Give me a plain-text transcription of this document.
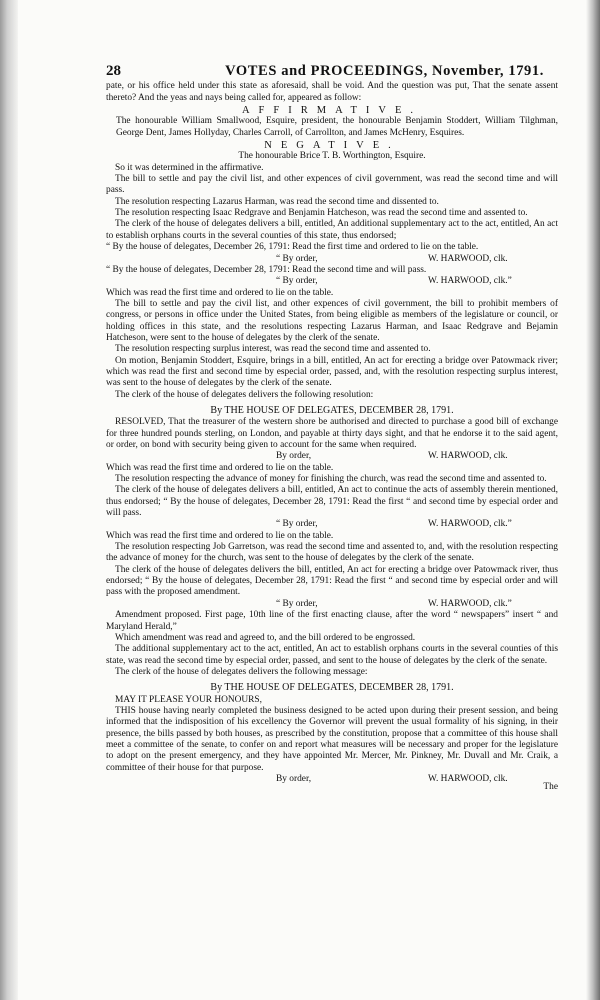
28	VOTES and PROCEEDINGS, November, 1791.

pate, or his office held under this state as aforesaid, shall be void. And the question was put, That the senate assent thereto? And the yeas and nays being called for, appeared as follow:

AFFIRMATIVE.

The honourable William Smallwood, Esquire, president, the honourable Benjamin Stoddert, William Tilghman, George Dent, James Hollyday, Charles Carroll, of Carrollton, and James McHenry, Esquires.

NEGATIVE.

The honourable Brice T. B. Worthington, Esquire.

So it was determined in the affirmative.

The bill to settle and pay the civil list, and other expences of civil government, was read the second time and will pass.

The resolution respecting Lazarus Harman, was read the second time and dissented to.

The resolution respecting Isaac Redgrave and Benjamin Hatcheson, was read the second time and assented to.

The clerk of the house of delegates delivers a bill, entitled, An additional supplementary act to the act, entitled, An act to establish orphans courts in the several counties of this state, thus endorsed;

“ By the house of delegates, December 26, 1791: Read the first time and ordered to lie on the table.

“ By order,	W. HARWOOD, clk.

“ By the house of delegates, December 28, 1791: Read the second time and will pass.

“ By order,	W. HARWOOD, clk.”

Which was read the first time and ordered to lie on the table.

The bill to settle and pay the civil list, and other expences of civil government, the bill to prohibit members of congress, or persons in office under the United States, from being eligible as members of the legislature or council, or holding offices in this state, and the resolutions respecting Lazarus Harman, and Isaac Redgrave and Bejamin Hatcheson, were sent to the house of delegates by the clerk of the senate.

The resolution respecting surplus interest, was read the second time and assented to.

On motion, Benjamin Stoddert, Esquire, brings in a bill, entitled, An act for erecting a bridge over Patowmack river; which was read the first and second time by especial order, passed, and, with the resolution respecting surplus interest, was sent to the house of delegates by the clerk of the senate.

The clerk of the house of delegates delivers the following resolution:

By THE HOUSE OF DELEGATES, DECEMBER 28, 1791.

RESOLVED, That the treasurer of the western shore be authorised and directed to purchase a good bill of exchange for three hundred pounds sterling, on London, and payable at thirty days sight, and that he endorse it to the said agent, or order, on bond with security being given to account for the same when required.

By order,	W. HARWOOD, clk.

Which was read the first time and ordered to lie on the table.

The resolution respecting the advance of money for finishing the church, was read the second time and assented to.

The clerk of the house of delegates delivers a bill, entitled, An act to continue the acts of assembly therein mentioned, thus endorsed; “ By the house of delegates, December 28, 1791: Read the first “ and second time by especial order and will pass.

“ By order,	W. HARWOOD, clk.”

Which was read the first time and ordered to lie on the table.

The resolution respecting Job Garretson, was read the second time and assented to, and, with the resolution respecting the advance of money for the church, was sent to the house of delegates by the clerk of the senate.

The clerk of the house of delegates delivers the bill, entitled, An act for erecting a bridge over Patowmack river, thus endorsed; “ By the house of delegates, December 28, 1791: Read the first “ and second time by especial order and will pass with the proposed amendment.

“ By order,	W. HARWOOD, clk.”

Amendment proposed. First page, 10th line of the first enacting clause, after the word “ newspapers” insert “ and Maryland Herald,”

Which amendment was read and agreed to, and the bill ordered to be engrossed.

The additional supplementary act to the act, entitled, An act to establish orphans courts in the several counties of this state, was read the second time by especial order, passed, and sent to the house of delegates by the clerk of the senate.

The clerk of the house of delegates delivers the following message:

By THE HOUSE OF DELEGATES, DECEMBER 28, 1791.

MAY IT PLEASE YOUR HONOURS,

THIS house having nearly completed the business designed to be acted upon during their present session, and being informed that the indisposition of his excellency the Governor will prevent the usual formality of his signing, in their presence, the bills passed by both houses, as prescribed by the constitution, propose that a committee of this house shall meet a committee of the senate, to confer on and report what measures will be necessary and proper for the legislature to adopt on the present emergency, and they have appointed Mr. Mercer, Mr. Pinkney, Mr. Duvall and Mr. Craik, a committee of their house for that purpose.

By order,	W. HARWOOD, clk.
The
